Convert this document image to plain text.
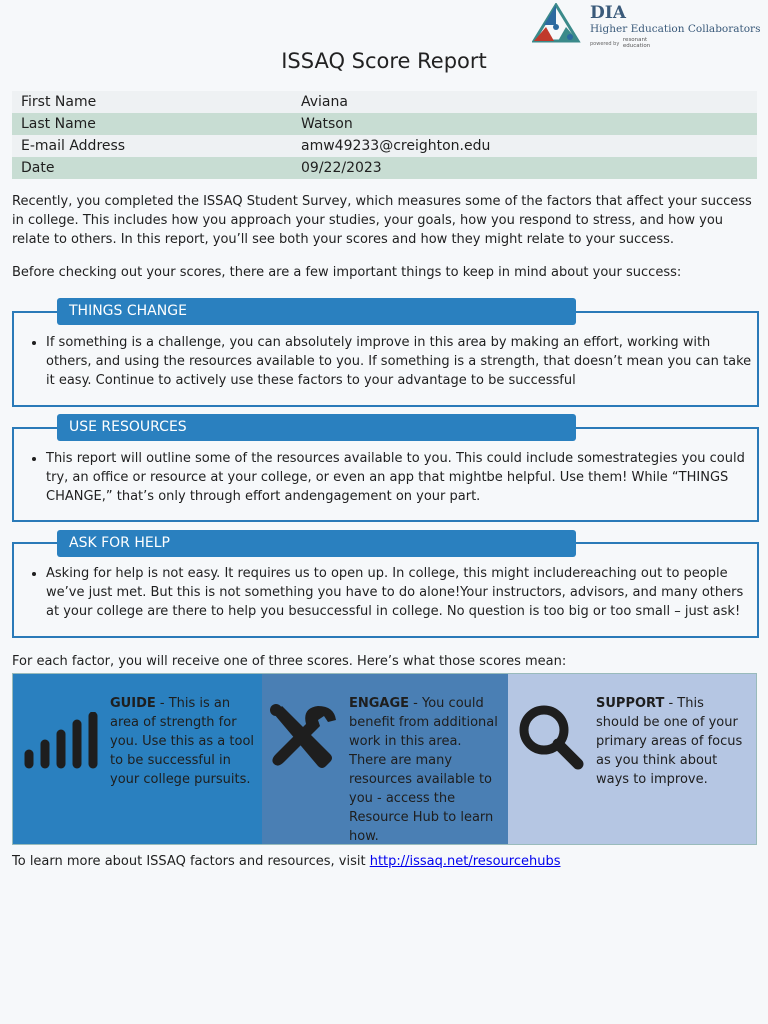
DIA
Higher Education Collaborators
powered by resonant
education
ISSAQ Score Report
First Name	Aviana
Last Name	Watson
E-mail Address	amw49233@creighton.edu
Date	09/22/2023

Recently, you completed the ISSAQ Student Survey, which measures some of the factors that affect your success in college. This includes how you approach your studies, your goals, how you respond to stress, and how you relate to others. In this report, you’ll see both your scores and how they might relate to your success.

Before checking out your scores, there are a few important things to keep in mind about your success:

• If something is a challenge, you can absolutely improve in this area by making an effort, working with others, and using the resources available to you. If something is a strength, that doesn’t mean you can take it easy. Continue to actively use these factors to your advantage to be successful
THINGS CHANGE
• This report will outline some of the resources available to you. This could include somestrategies you could try, an office or resource at your college, or even an app that mightbe helpful. Use them! While “THINGS CHANGE,” that’s only through effort andengagement on your part.
USE RESOURCES
• Asking for help is not easy. It requires us to open up. In college, this might includereaching out to people we’ve just met. But this is not something you have to do alone!Your instructors, advisors, and many others at your college are there to help you besuccessful in college. No question is too big or too small – just ask!
ASK FOR HELP

For each factor, you will receive one of three scores. Here’s what those scores mean:

GUIDE - This is an area of strength for you. Use this as a tool to be successful in your college pursuits.
ENGAGE - You could benefit from additional work in this area. There are many resources available to you - access the Resource Hub to learn how.
SUPPORT - This should be one of your primary areas of focus as you think about ways to improve.

To learn more about ISSAQ factors and resources, visit http://issaq.net/resourcehubs
